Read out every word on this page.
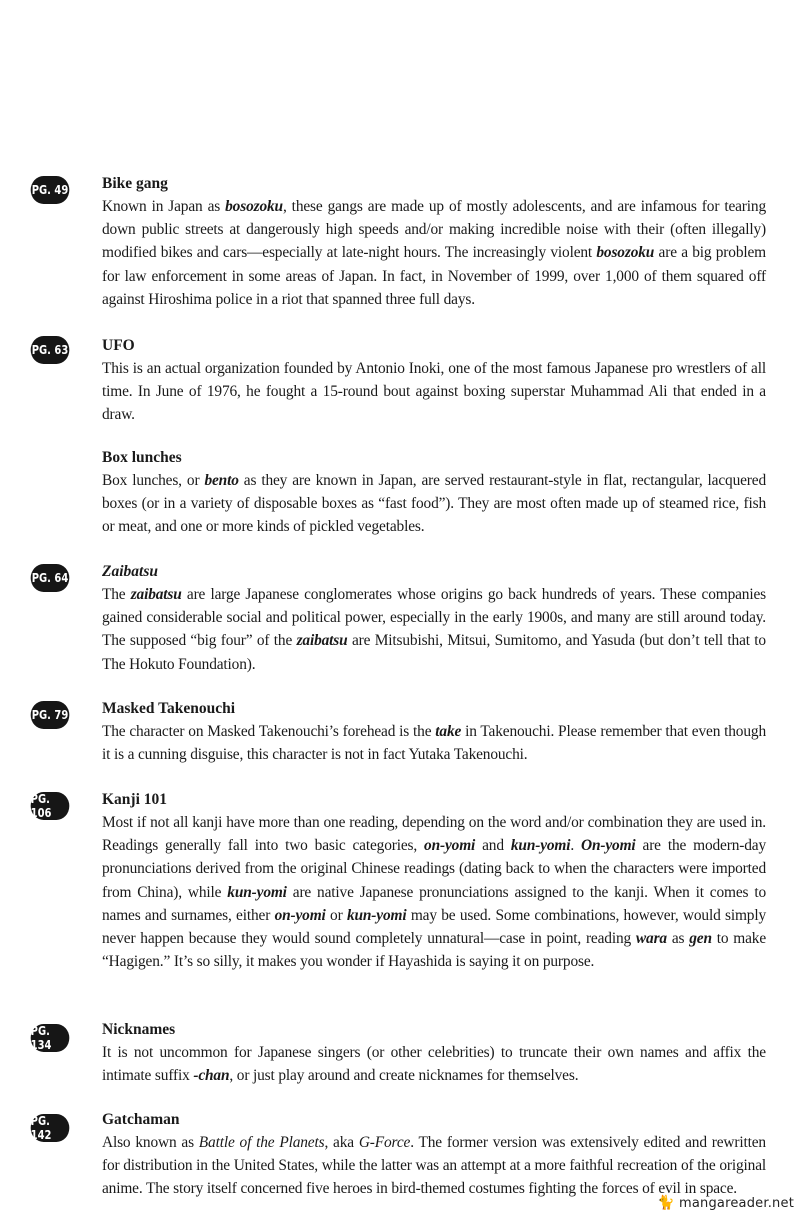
PG. 49 Bike gang

Known in Japan as bosozoku, these gangs are made up of mostly adolescents, and are infamous for tearing down public streets at dangerously high speeds and/or making incredible noise with their (often illegally) modified bikes and cars—especially at late-night hours. The increasingly violent bosozoku are a big problem for law enforcement in some areas of Japan. In fact, in November of 1999, over 1,000 of them squared off against Hiroshima police in a riot that spanned three full days.

PG. 63 UFO

This is an actual organization founded by Antonio Inoki, one of the most famous Japanese pro wrestlers of all time. In June of 1976, he fought a 15-round bout against boxing superstar Muhammad Ali that ended in a draw.

Box lunches

Box lunches, or bento as they are known in Japan, are served restaurant-style in flat, rectangular, lacquered boxes (or in a variety of disposable boxes as “fast food”). They are most often made up of steamed rice, fish or meat, and one or more kinds of pickled vegetables.

PG. 64 Zaibatsu

The zaibatsu are large Japanese conglomerates whose origins go back hundreds of years. These companies gained considerable social and political power, especially in the early 1900s, and many are still around today. The supposed “big four” of the zaibatsu are Mitsubishi, Mitsui, Sumitomo, and Yasuda (but don’t tell that to The Hokuto Foundation).

PG. 79 Masked Takenouchi

The character on Masked Takenouchi’s forehead is the take in Takenouchi. Please remember that even though it is a cunning disguise, this character is not in fact Yutaka Takenouchi.

PG. 106

Kanji 101

Most if not all kanji have more than one reading, depending on the word and/or combination they are used in. Readings generally fall into two basic categories, on-yomi and kun-yomi. On-yomi are the modern-day pronunciations derived from the original Chinese readings (dating back to when the characters were imported from China), while kun-yomi are native Japanese pronunciations assigned to the kanji. When it comes to names and surnames, either on-yomi or kun-yomi may be used. Some combinations, however, would simply never happen because they would sound completely unnatural—case in point, reading wara as gen to make “Hagigen.” It’s so silly, it makes you wonder if Hayashida is saying it on purpose.

PG. 134

Nicknames

It is not uncommon for Japanese singers (or other celebrities) to truncate their own names and affix the intimate suffix -chan, or just play around and create nicknames for themselves.

PG. 142

Gatchaman

Also known as Battle of the Planets, aka G-Force. The former version was extensively edited and rewritten for distribution in the United States, while the latter was an attempt at a more faithful recreation of the original anime. The story itself concerned five heroes in bird-themed costumes fighting the forces of evil in space.

🐈 mangareader.net
